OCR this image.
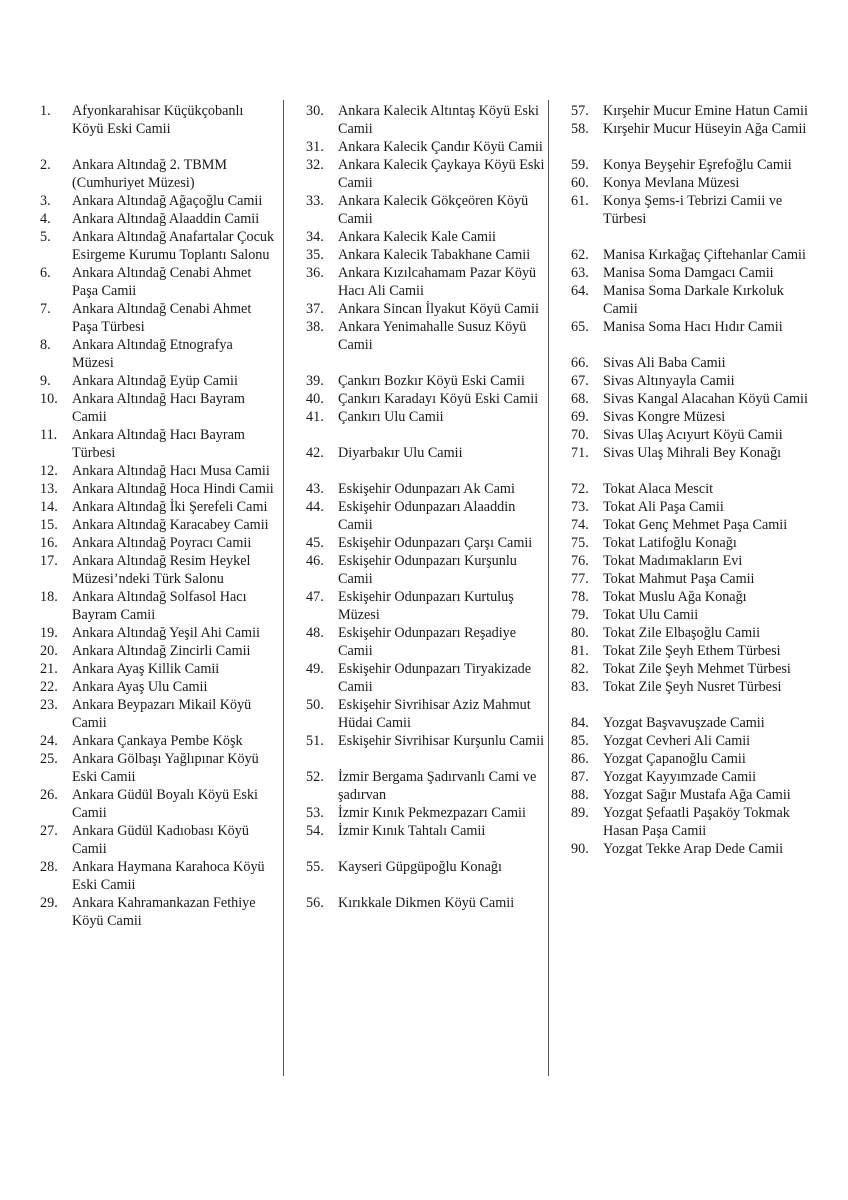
1. Afyonkarahisar Küçükçobanlı Köyü Eski Camii
2. Ankara Altındağ 2. TBMM (Cumhuriyet Müzesi)
3. Ankara Altındağ Ağaçoğlu Camii
4. Ankara Altındağ Alaaddin Camii
5. Ankara Altındağ Anafartalar Çocuk Esirgeme Kurumu Toplantı Salonu
6. Ankara Altındağ Cenabi Ahmet Paşa Camii
7. Ankara Altındağ Cenabi Ahmet Paşa Türbesi
8. Ankara Altındağ Etnografya Müzesi
9. Ankara Altındağ Eyüp Camii
10. Ankara Altındağ Hacı Bayram Camii
11. Ankara Altındağ Hacı Bayram Türbesi
12. Ankara Altındağ Hacı Musa Camii
13. Ankara Altındağ Hoca Hindi Camii
14. Ankara Altındağ İki Şerefeli Cami
15. Ankara Altındağ Karacabey Camii
16. Ankara Altındağ Poyracı Camii
17. Ankara Altındağ Resim Heykel Müzesi’ndeki Türk Salonu
18. Ankara Altındağ Solfasol Hacı Bayram Camii
19. Ankara Altındağ Yeşil Ahi Camii
20. Ankara Altındağ Zincirli Camii
21. Ankara Ayaş Killik Camii
22. Ankara Ayaş Ulu Camii
23. Ankara Beypazarı Mikail Köyü Camii
24. Ankara Çankaya Pembe Köşk
25. Ankara Gölbaşı Yağlıpınar Köyü Eski Camii
26. Ankara Güdül Boyalı Köyü Eski Camii
27. Ankara Güdül Kadıobası Köyü Camii
28. Ankara Haymana Karahoca Köyü Eski Camii
29. Ankara Kahramankazan Fethiye Köyü Camii
30. Ankara Kalecik Altıntaş Köyü Eski Camii
31. Ankara Kalecik Çandır Köyü Camii
32. Ankara Kalecik Çaykaya Köyü Eski Camii
33. Ankara Kalecik Gökçeören Köyü Camii
34. Ankara Kalecik Kale Camii
35. Ankara Kalecik Tabakhane Camii
36. Ankara Kızılcahamam Pazar Köyü Hacı Ali Camii
37. Ankara Sincan İlyakut Köyü Camii
38. Ankara Yenimahalle Susuz Köyü Camii
39. Çankırı Bozkır Köyü Eski Camii
40. Çankırı Karadayı Köyü Eski Camii
41. Çankırı Ulu Camii
42. Diyarbakır Ulu Camii
43. Eskişehir Odunpazarı Ak Cami
44. Eskişehir Odunpazarı Alaaddin Camii
45. Eskişehir Odunpazarı Çarşı Camii
46. Eskişehir Odunpazarı Kurşunlu Camii
47. Eskişehir Odunpazarı Kurtuluş Müzesi
48. Eskişehir Odunpazarı Reşadiye Camii
49. Eskişehir Odunpazarı Tiryakizade Camii
50. Eskişehir Sivrihisar Aziz Mahmut Hüdai Camii
51. Eskişehir Sivrihisar Kurşunlu Camii
52. İzmir Bergama Şadırvanlı Cami ve şadırvan
53. İzmir Kınık Pekmezpazarı Camii
54. İzmir Kınık Tahtalı Camii
55. Kayseri Güpgüpoğlu Konağı
56. Kırıkkale Dikmen Köyü Camii
57. Kırşehir Mucur Emine Hatun Camii
58. Kırşehir Mucur Hüseyin Ağa Camii
59. Konya Beyşehir Eşrefoğlu Camii
60. Konya Mevlana Müzesi
61. Konya Şems-i Tebrizi Camii ve Türbesi
62. Manisa Kırkağaç Çiftehanlar Camii
63. Manisa Soma Damgacı Camii
64. Manisa Soma Darkale Kırkoluk Camii
65. Manisa Soma Hacı Hıdır Camii
66. Sivas Ali Baba Camii
67. Sivas Altınyayla Camii
68. Sivas Kangal Alacahan Köyü Camii
69. Sivas Kongre Müzesi
70. Sivas Ulaş Acıyurt Köyü Camii
71. Sivas Ulaş Mihrali Bey Konağı
72. Tokat Alaca Mescit
73. Tokat Ali Paşa Camii
74. Tokat Genç Mehmet Paşa Camii
75. Tokat Latifoğlu Konağı
76. Tokat Madımakların Evi
77. Tokat Mahmut Paşa Camii
78. Tokat Muslu Ağa Konağı
79. Tokat Ulu Camii
80. Tokat Zile Elbaşoğlu Camii
81. Tokat Zile Şeyh Ethem Türbesi
82. Tokat Zile Şeyh Mehmet Türbesi
83. Tokat Zile Şeyh Nusret Türbesi
84. Yozgat Başvavuşzade Camii
85. Yozgat Cevheri Ali Camii
86. Yozgat Çapanoğlu Camii
87. Yozgat Kayyımzade Camii
88. Yozgat Sağır Mustafa Ağa Camii
89. Yozgat Şefaatli Paşaköy Tokmak Hasan Paşa Camii
90. Yozgat Tekke Arap Dede Camii
